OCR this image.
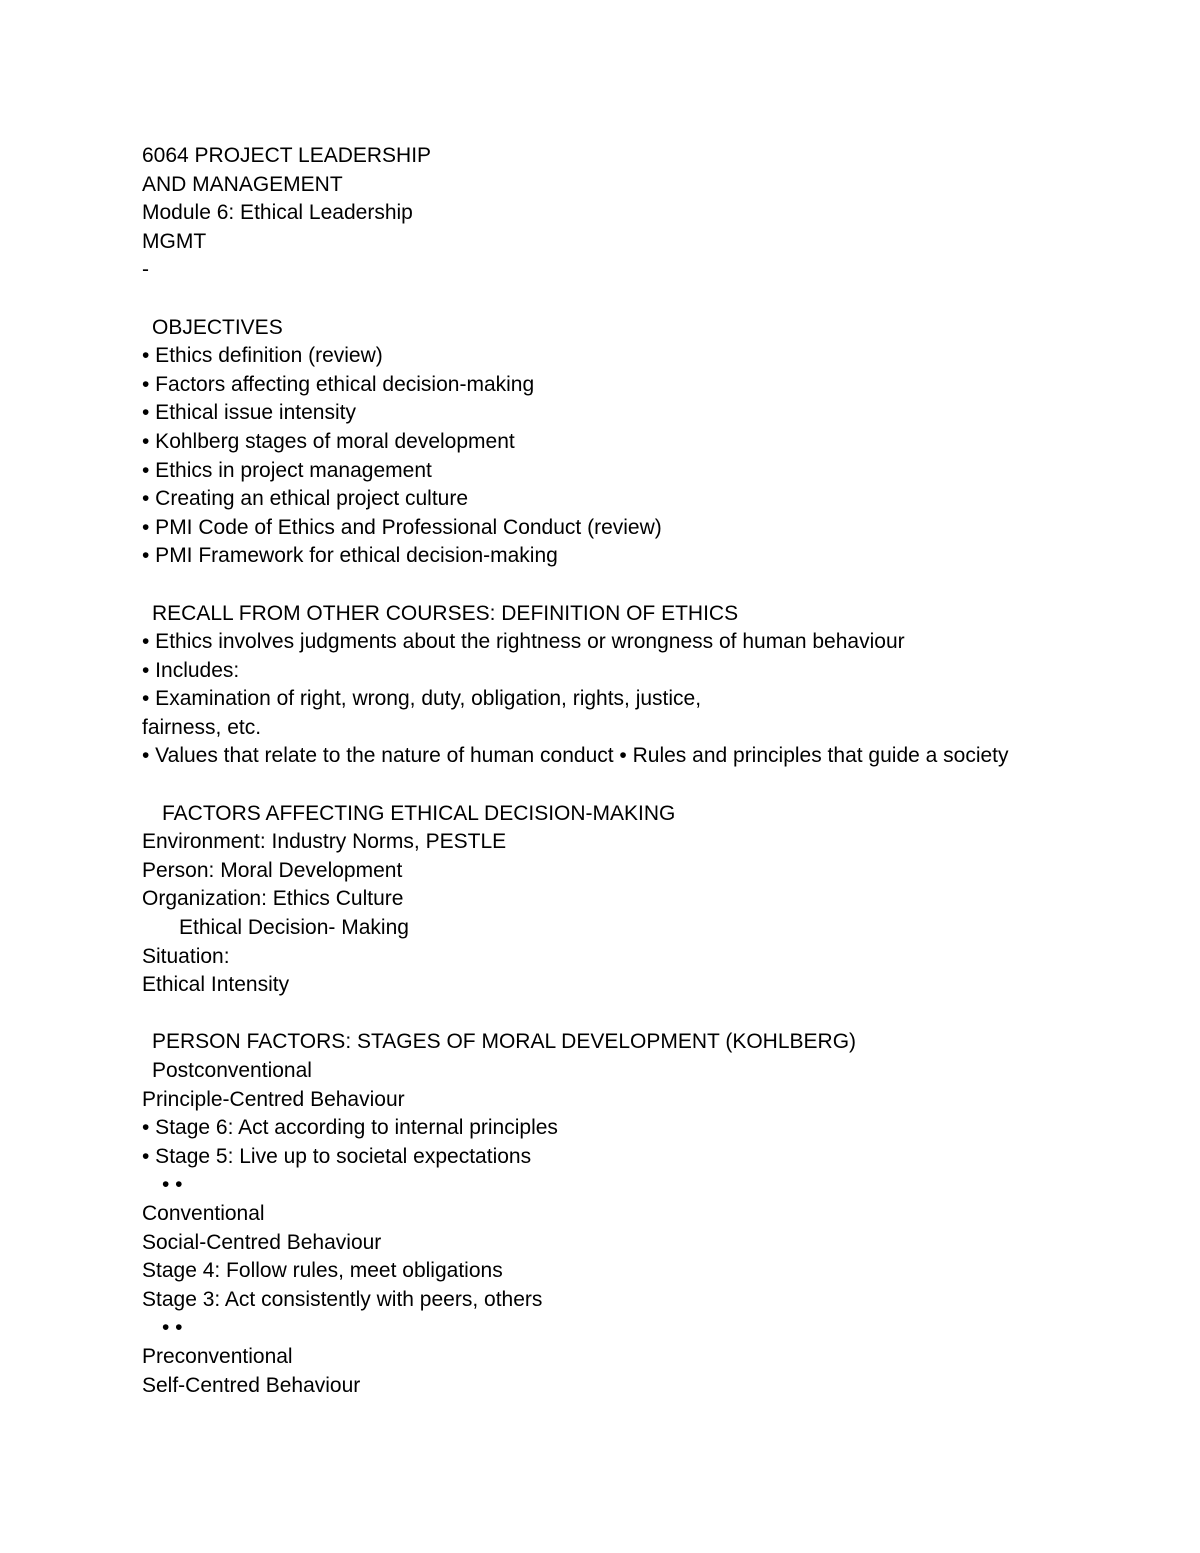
6064 PROJECT LEADERSHIP
AND MANAGEMENT
Module 6: Ethical Leadership
MGMT
-
OBJECTIVES
• Ethics definition (review)
• Factors affecting ethical decision-making
• Ethical issue intensity
• Kohlberg stages of moral development
• Ethics in project management
• Creating an ethical project culture
• PMI Code of Ethics and Professional Conduct (review)
• PMI Framework for ethical decision-making
RECALL FROM OTHER COURSES: DEFINITION OF ETHICS
• Ethics involves judgments about the rightness or wrongness of human behaviour
• Includes:
• Examination of right, wrong, duty, obligation, rights, justice,
fairness, etc.
• Values that relate to the nature of human conduct • Rules and principles that guide a society
FACTORS AFFECTING ETHICAL DECISION-MAKING
Environment: Industry Norms, PESTLE
Person: Moral Development
Organization: Ethics Culture
Ethical Decision- Making
Situation:
Ethical Intensity
PERSON FACTORS: STAGES OF MORAL DEVELOPMENT (KOHLBERG)
Postconventional
Principle-Centred Behaviour
• Stage 6: Act according to internal principles
• Stage 5: Live up to societal expectations
• •
Conventional
Social-Centred Behaviour
Stage 4: Follow rules, meet obligations
Stage 3: Act consistently with peers, others
• •
Preconventional
Self-Centred Behaviour
